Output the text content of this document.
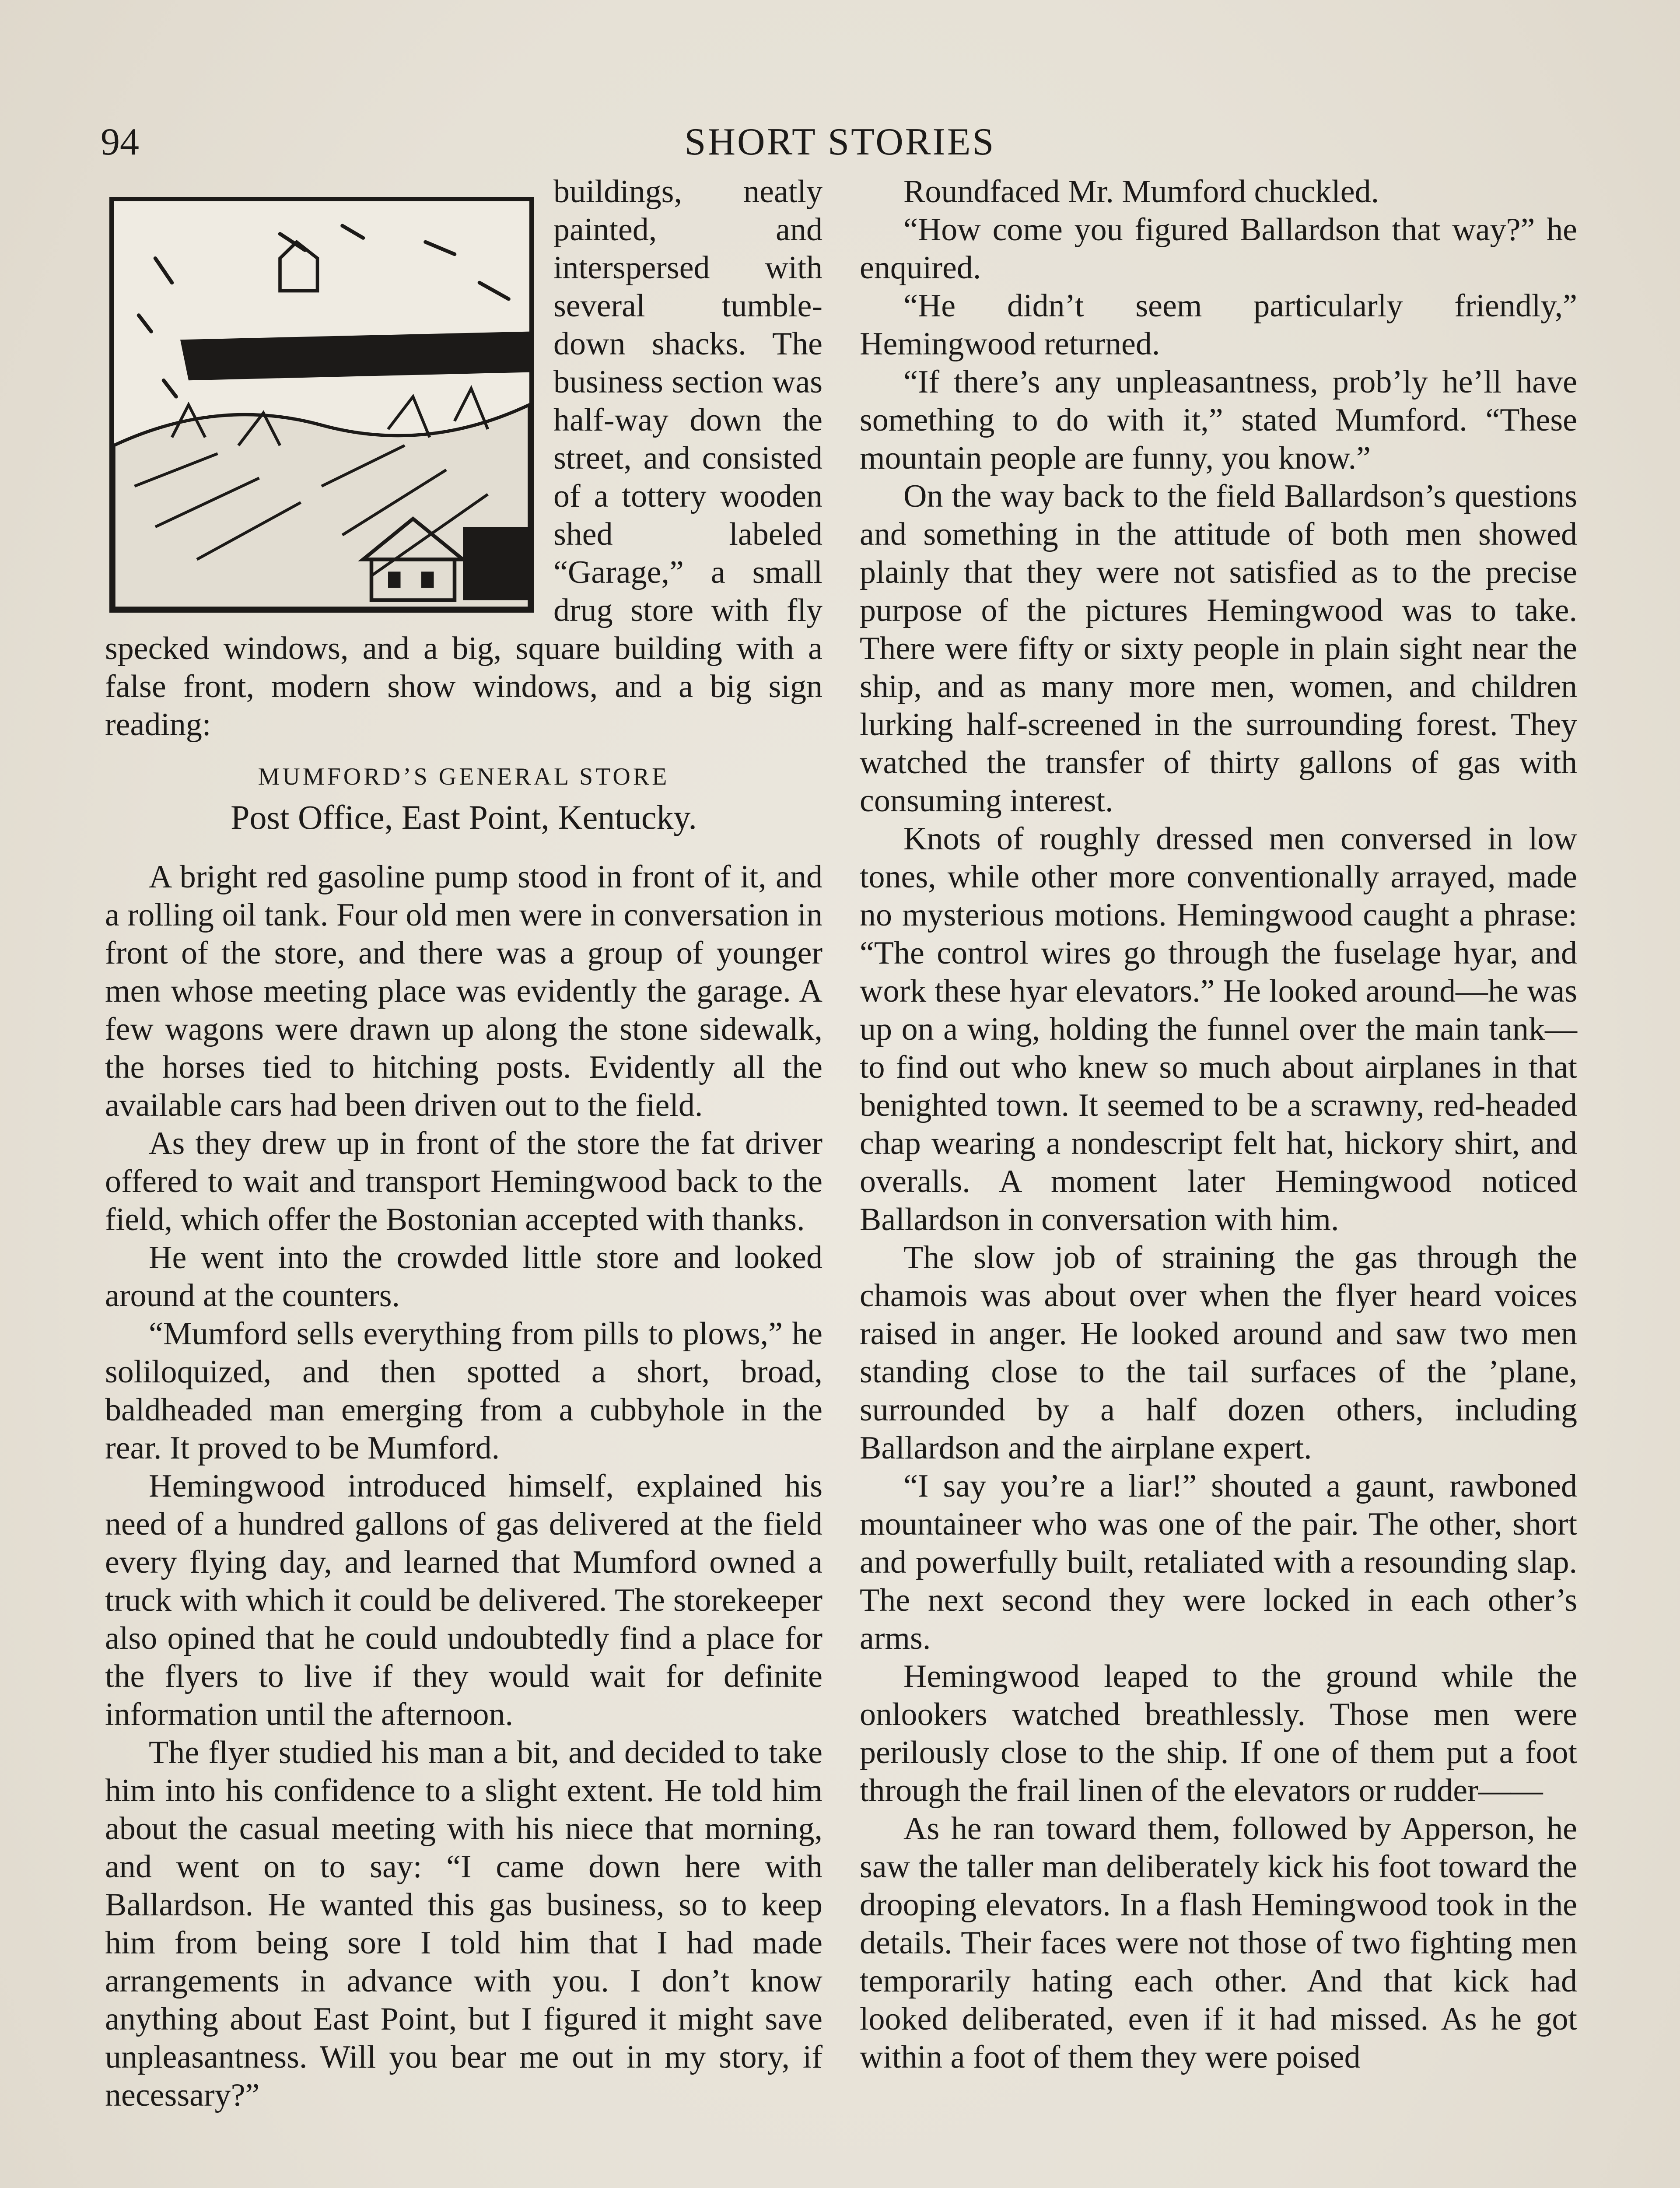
94	SHORT STORIES

buildings, neatly painted, and interspersed with several tumble-down shacks. The business section was half-way down the street, and consisted of a tottery wooden shed labeled “Garage,” a small drug store with fly specked windows, and a big, square building with a false front, modern show windows, and a big sign reading:

MUMFORD’S GENERAL STORE
Post Office, East Point, Kentucky.

A bright red gasoline pump stood in front of it, and a rolling oil tank. Four old men were in conversation in front of the store, and there was a group of younger men whose meeting place was evidently the garage. A few wagons were drawn up along the stone sidewalk, the horses tied to hitching posts. Evidently all the available cars had been driven out to the field.

As they drew up in front of the store the fat driver offered to wait and transport Hemingwood back to the field, which offer the Bostonian accepted with thanks.

He went into the crowded little store and looked around at the counters.

“Mumford sells everything from pills to plows,” he soliloquized, and then spotted a short, broad, baldheaded man emerging from a cubbyhole in the rear. It proved to be Mumford.

Hemingwood introduced himself, explained his need of a hundred gallons of gas delivered at the field every flying day, and learned that Mumford owned a truck with which it could be delivered. The storekeeper also opined that he could undoubtedly find a place for the flyers to live if they would wait for definite information until the afternoon.

The flyer studied his man a bit, and decided to take him into his confidence to a slight extent. He told him about the casual meeting with his niece that morning, and went on to say: “I came down here with Ballardson. He wanted this gas business, so to keep him from being sore I told him that I had made arrangements in advance with you. I don’t know anything about East Point, but I figured it might save unpleasantness. Will you bear me out in my story, if necessary?”

Roundfaced Mr. Mumford chuckled.

“How come you figured Ballardson that way?” he enquired.

“He didn’t seem particularly friendly,” Hemingwood returned.

“If there’s any unpleasantness, prob’ly he’ll have something to do with it,” stated Mumford. “These mountain people are funny, you know.”

On the way back to the field Ballardson’s questions and something in the attitude of both men showed plainly that they were not satisfied as to the precise purpose of the pictures Hemingwood was to take. There were fifty or sixty people in plain sight near the ship, and as many more men, women, and children lurking half-screened in the surrounding forest. They watched the transfer of thirty gallons of gas with consuming interest.

Knots of roughly dressed men conversed in low tones, while other more conventionally arrayed, made no mysterious motions. Hemingwood caught a phrase: “The control wires go through the fuselage hyar, and work these hyar elevators.” He looked around—he was up on a wing, holding the funnel over the main tank—to find out who knew so much about airplanes in that benighted town. It seemed to be a scrawny, red-headed chap wearing a nondescript felt hat, hickory shirt, and overalls. A moment later Hemingwood noticed Ballardson in conversation with him.

The slow job of straining the gas through the chamois was about over when the flyer heard voices raised in anger. He looked around and saw two men standing close to the tail surfaces of the ’plane, surrounded by a half dozen others, including Ballardson and the airplane expert.

“I say you’re a liar!” shouted a gaunt, rawboned mountaineer who was one of the pair. The other, short and powerfully built, retaliated with a resounding slap. The next second they were locked in each other’s arms.

Hemingwood leaped to the ground while the onlookers watched breathlessly. Those men were perilously close to the ship. If one of them put a foot through the frail linen of the elevators or rudder——

As he ran toward them, followed by Apperson, he saw the taller man deliberately kick his foot toward the drooping elevators. In a flash Hemingwood took in the details. Their faces were not those of two fighting men temporarily hating each other. And that kick had looked deliberated, even if it had missed. As he got within a foot of them they were poised
